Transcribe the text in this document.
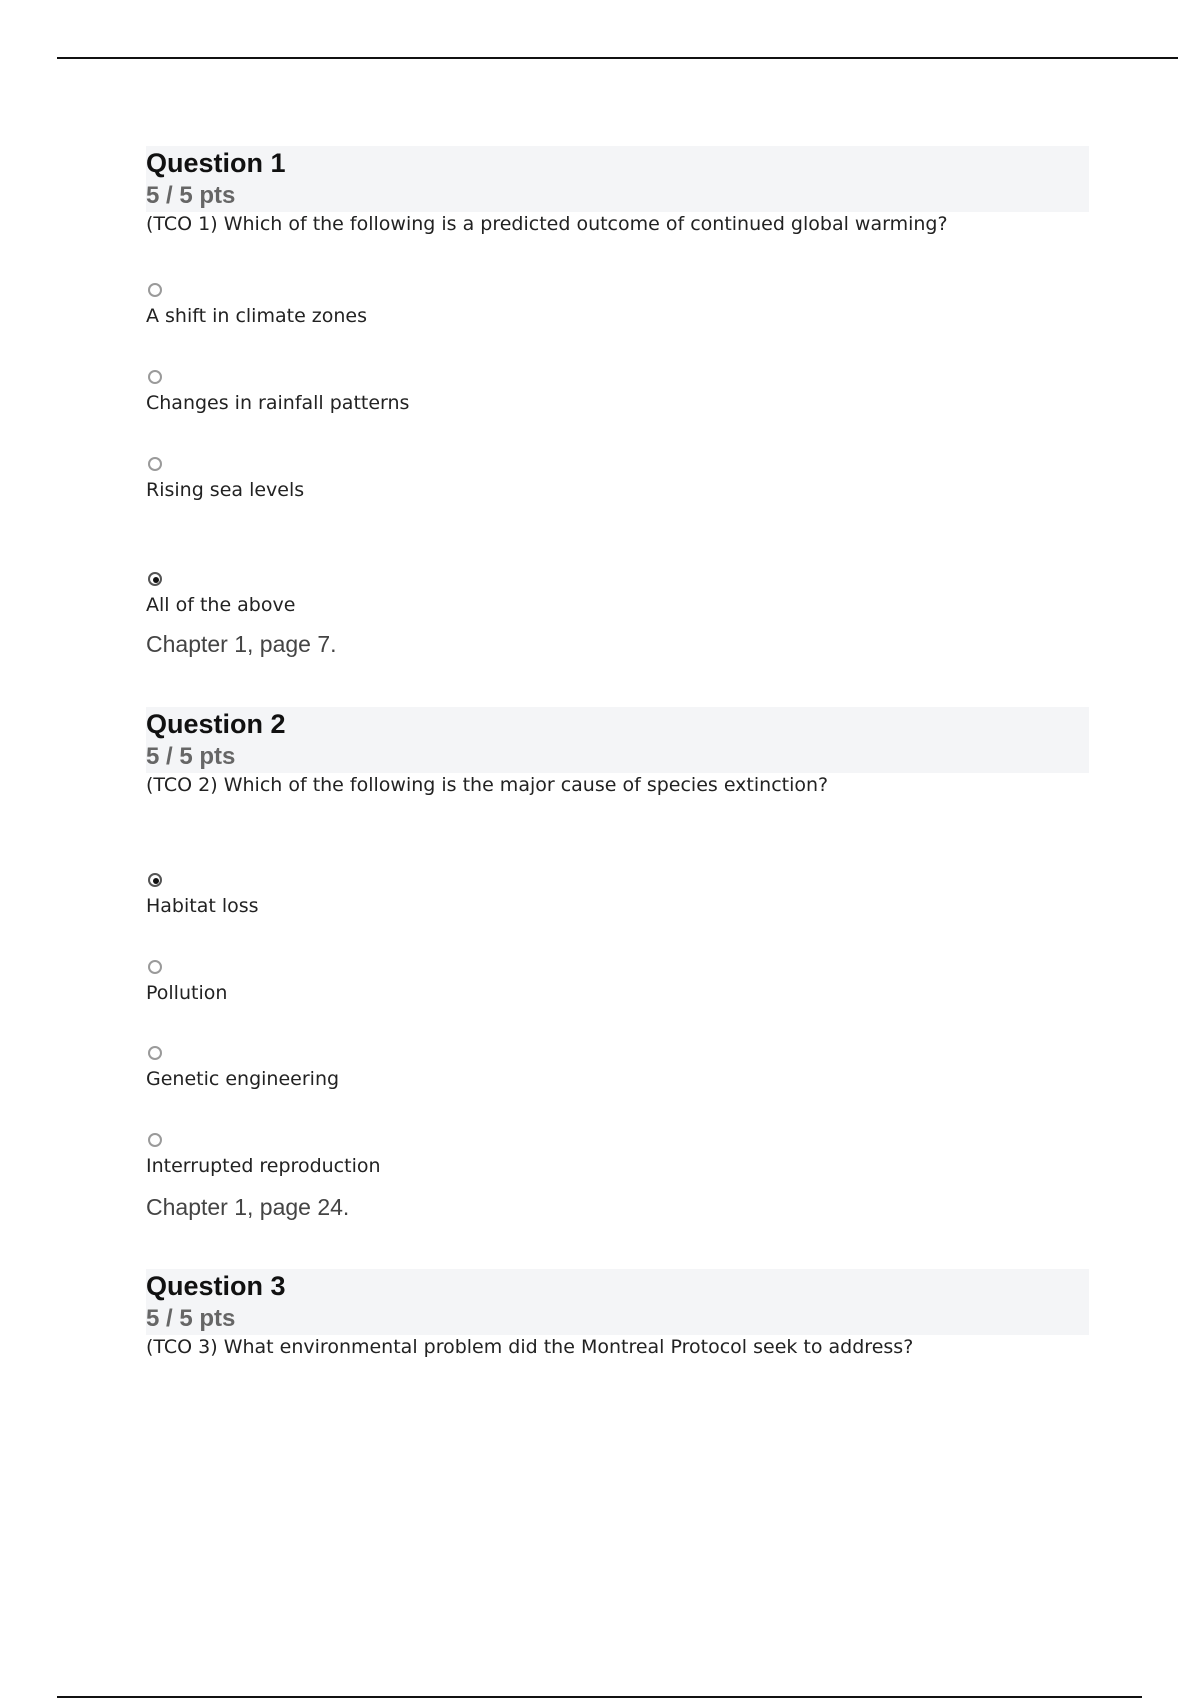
Question 1
5 / 5 pts
(TCO 1) Which of the following is a predicted outcome of continued global warming?
A shift in climate zones
Changes in rainfall patterns
Rising sea levels
All of the above
Chapter 1, page 7.
Question 2
5 / 5 pts
(TCO 2) Which of the following is the major cause of species extinction?
Habitat loss
Pollution
Genetic engineering
Interrupted reproduction
Chapter 1, page 24.
Question 3
5 / 5 pts
(TCO 3) What environmental problem did the Montreal Protocol seek to address?
